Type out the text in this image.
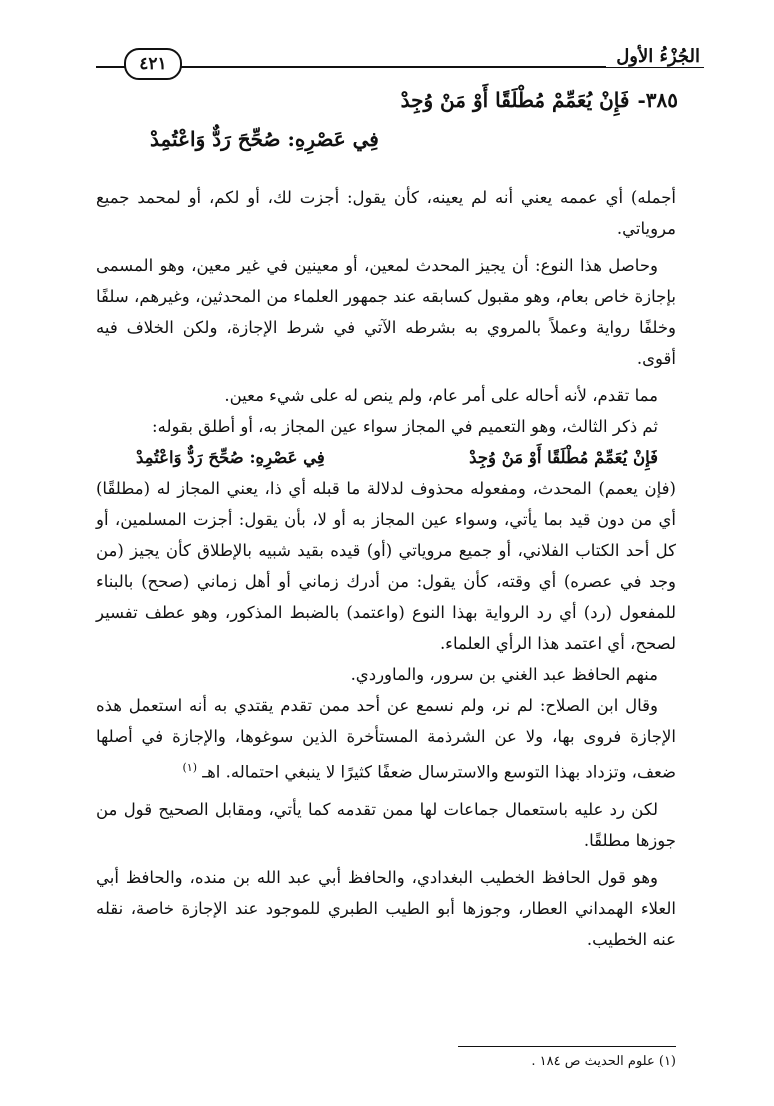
الجُزْءُ الأول
٤٢١
٣٨٥-فَإِنْ يُعَمِّمْ مُطْلَقًا أَوْ مَنْ وُجِدْ
فِي عَصْرِهِ: صُحِّحَ رَدٌّ وَاعْتُمِدْ

أجمله) أي عممه يعني أنه لم يعينه، كأن يقول: أجزت لك، أو لكم، أو لمحمد جميع مروياتي.

وحاصل هذا النوع: أن يجيز المحدث لمعين، أو معينين في غير معين، وهو المسمى بإجازة خاص بعام، وهو مقبول كسابقه عند جمهور العلماء من المحدثين، وغيرهم، سلفًا وخلفًا رواية وعملاً بالمروي به بشرطه الآتي في شرط الإجازة، ولكن الخلاف فيه أقوى.

مما تقدم، لأنه أحاله على أمر عام، ولم ينص له على شيء معين.

ثم ذكر الثالث، وهو التعميم في المجاز سواء عين المجاز به، أو أطلق بقوله:

فَإِنْ يُعَمِّمْ مُطْلَقًا أَوْ مَنْ وُجِدْ
فِي عَصْرِهِ: صُحِّحَ رَدٌّ وَاعْتُمِدْ

(فإن يعمم) المحدث، ومفعوله محذوف لدلالة ما قبله أي ذا، يعني المجاز له (مطلقًا) أي من دون قيد بما يأتي، وسواء عين المجاز به أو لا، بأن يقول: أجزت المسلمين، أو كل أحد الكتاب الفلاني، أو جميع مروياتي (أو) قيده بقيد شبيه بالإطلاق كأن يجيز (من وجد في عصره) أي وقته، كأن يقول: من أدرك زماني أو أهل زماني (صحح) بالبناء للمفعول (رد) أي رد الرواية بهذا النوع (واعتمد) بالضبط المذكور، وهو عطف تفسير لصحح، أي اعتمد هذا الرأي العلماء.

منهم الحافظ عبد الغني بن سرور، والماوردي.

وقال ابن الصلاح: لم نر، ولم نسمع عن أحد ممن تقدم يقتدي به أنه استعمل هذه الإجازة فروى بها، ولا عن الشرذمة المستأخرة الذين سوغوها، والإجازة في أصلها ضعف، وتزداد بهذا التوسع والاسترسال ضعفًا كثيرًا لا ينبغي احتماله. اهـ $^{(١)}$

لكن رد عليه باستعمال جماعات لها ممن تقدمه كما يأتي، ومقابل الصحيح قول من جوزها مطلقًا.

وهو قول الحافظ الخطيب البغدادي، والحافظ أبي عبد الله بن منده، والحافظ أبي العلاء الهمداني العطار، وجوزها أبو الطيب الطبري للموجود عند الإجازة خاصة، نقله عنه الخطيب.

(١) علوم الحديث ص ١٨٤ .
